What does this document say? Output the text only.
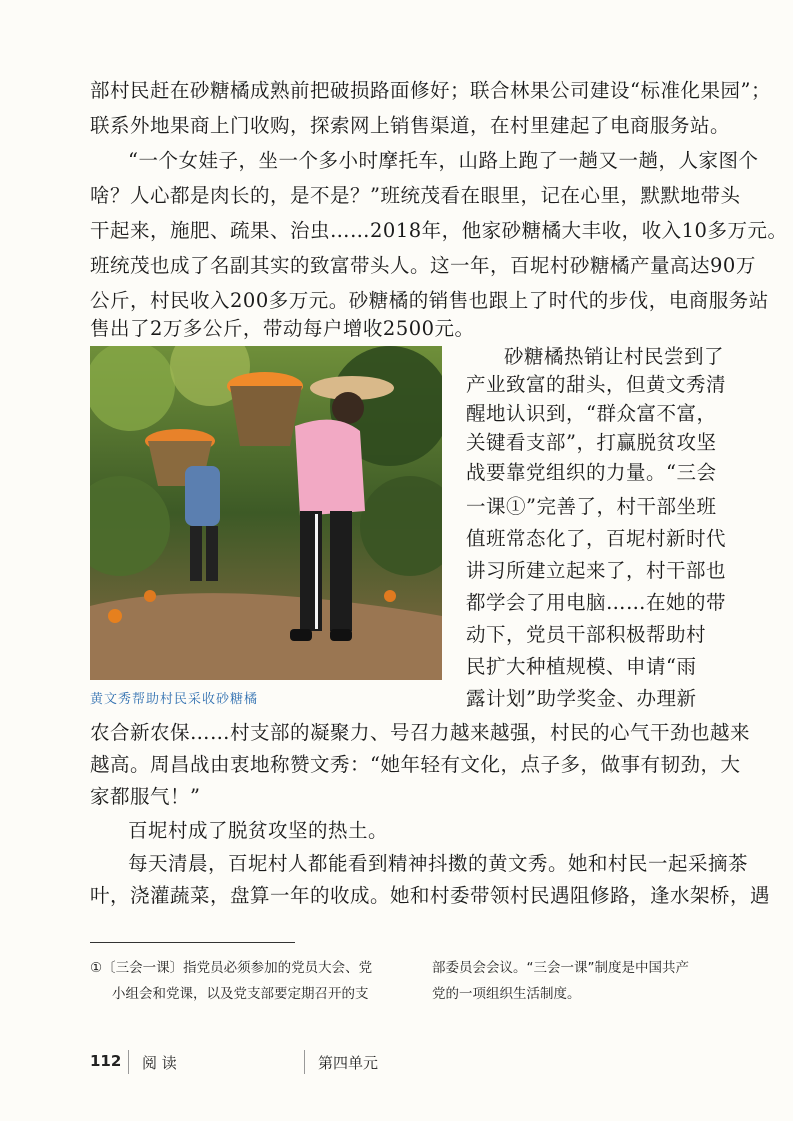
部村民赶在砂糖橘成熟前把破损路面修好；联合林果公司建设“标准化果园”；
联系外地果商上门收购，探索网上销售渠道，在村里建起了电商服务站。
“一个女娃子，坐一个多小时摩托车，山路上跑了一趟又一趟，人家图个
啥？人心都是肉长的，是不是？”班统茂看在眼里，记在心里，默默地带头
干起来，施肥、疏果、治虫……2018年，他家砂糖橘大丰收，收入10多万元。
班统茂也成了名副其实的致富带头人。这一年，百坭村砂糖橘产量高达90万
公斤，村民收入200多万元。砂糖橘的销售也跟上了时代的步伐，电商服务站
售出了2万多公斤，带动每户增收2500元。
黄文秀帮助村民采收砂糖橘
砂糖橘热销让村民尝到了
产业致富的甜头，但黄文秀清
醒地认识到，“群众富不富，
关键看支部”，打赢脱贫攻坚
战要靠党组织的力量。“三会
一课①”完善了，村干部坐班
值班常态化了，百坭村新时代
讲习所建立起来了，村干部也
都学会了用电脑……在她的带
动下，党员干部积极帮助村
民扩大种植规模、申请“雨
露计划”助学奖金、办理新
农合新农保……村支部的凝聚力、号召力越来越强，村民的心气干劲也越来
越高。周昌战由衷地称赞文秀：“她年轻有文化，点子多，做事有韧劲，大
家都服气！”
百坭村成了脱贫攻坚的热土。
每天清晨，百坭村人都能看到精神抖擞的黄文秀。她和村民一起采摘茶
叶，浇灌蔬菜，盘算一年的收成。她和村委带领村民遇阻修路，逢水架桥，遇
①〔三会一课〕指党员必须参加的党员大会、党
小组会和党课，以及党支部要定期召开的支
部委员会会议。“三会一课”制度是中国共产
党的一项组织生活制度。
112 阅 读	第四单元
